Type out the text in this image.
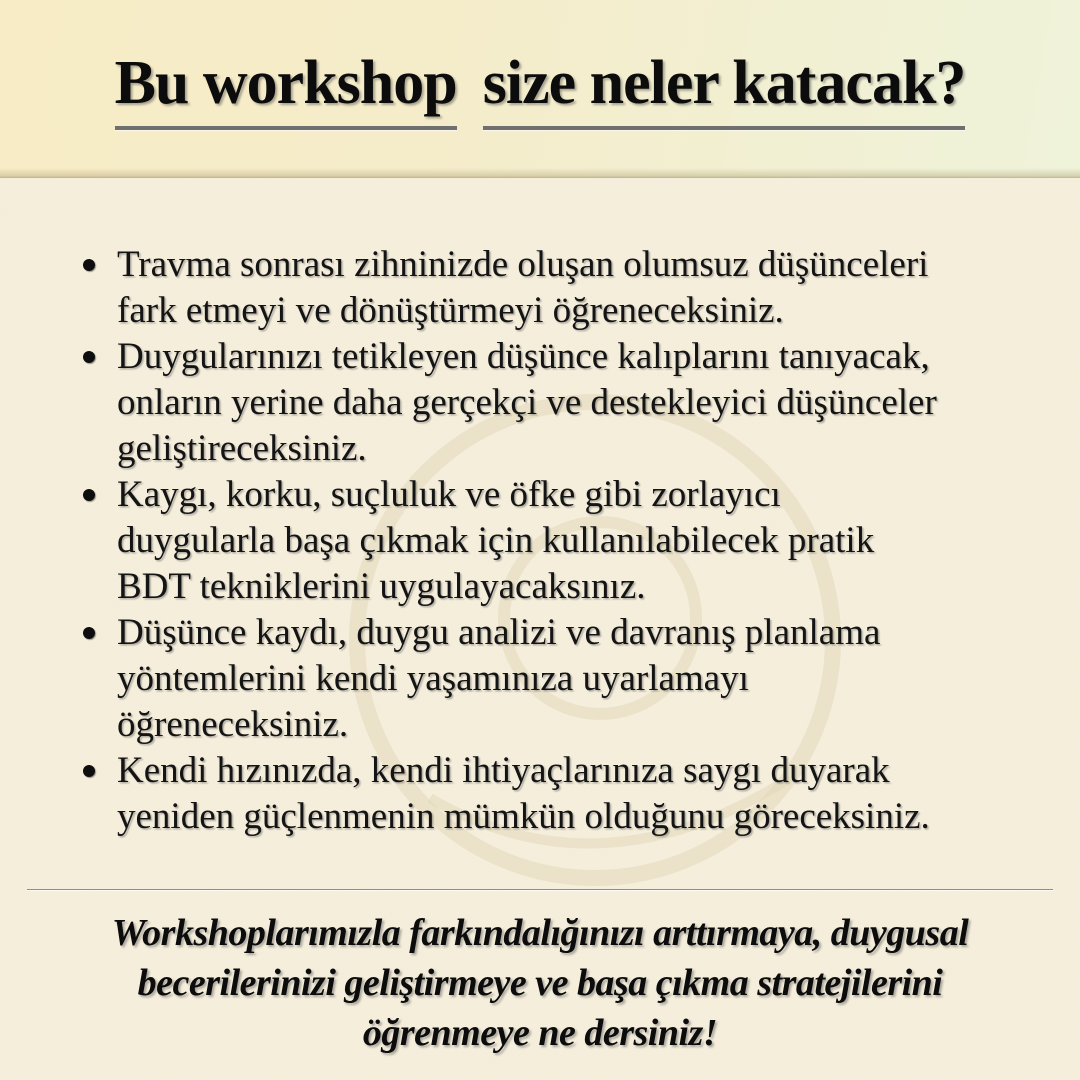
Bu workshop size neler katacak?
Travma sonrası zihninizde oluşan olumsuz düşünceleri
fark etmeyi ve dönüştürmeyi öğreneceksiniz.
Duygularınızı tetikleyen düşünce kalıplarını tanıyacak,
onların yerine daha gerçekçi ve destekleyici düşünceler
geliştireceksiniz.
Kaygı, korku, suçluluk ve öfke gibi zorlayıcı
duygularla başa çıkmak için kullanılabilecek pratik
BDT tekniklerini uygulayacaksınız.
Düşünce kaydı, duygu analizi ve davranış planlama
yöntemlerini kendi yaşamınıza uyarlamayı
öğreneceksiniz.
Kendi hızınızda, kendi ihtiyaçlarınıza saygı duyarak
yeniden güçlenmenin mümkün olduğunu göreceksiniz.
Workshoplarımızla farkındalığınızı arttırmaya, duygusal
becerilerinizi geliştirmeye ve başa çıkma stratejilerini
öğrenmeye ne dersiniz!
